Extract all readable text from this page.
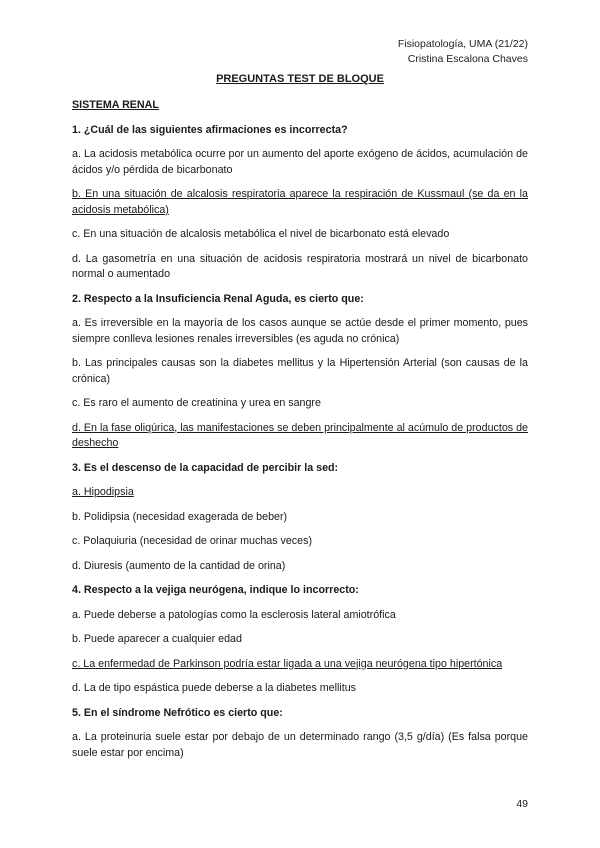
Fisiopatología, UMA (21/22)
Cristina Escalona Chaves
PREGUNTAS TEST DE BLOQUE
SISTEMA RENAL
1. ¿Cuál de las siguientes afirmaciones es incorrecta?
a. La acidosis metabólica ocurre por un aumento del aporte exógeno de ácidos, acumulación de ácidos y/o pérdida de bicarbonato
b. En una situación de alcalosis respiratoria aparece la respiración de Kussmaul (se da en la acidosis metabólica)
c. En una situación de alcalosis metabólica el nivel de bicarbonato está elevado
d. La gasometría en una situación de acidosis respiratoria mostrará un nivel de bicarbonato normal o aumentado
2. Respecto a la Insuficiencia Renal Aguda, es cierto que:
a. Es irreversible en la mayoría de los casos aunque se actúe desde el primer momento, pues siempre conlleva lesiones renales irreversibles (es aguda no crónica)
b. Las principales causas son la diabetes mellitus y la Hipertensión Arterial (son causas de la crónica)
c. Es raro el aumento de creatinina y urea en sangre
d. En la fase oliqúrica, las manifestaciones se deben principalmente al acúmulo de productos de deshecho
3. Es el descenso de la capacidad de percibir la sed:
a. Hipodipsia
b. Polidipsia (necesidad exagerada de beber)
c. Polaquiuria (necesidad de orinar muchas veces)
d. Diuresis (aumento de la cantidad de orina)
4. Respecto a la vejiga neurógena, indique lo incorrecto:
a. Puede deberse a patologías como la esclerosis lateral amiotrófica
b. Puede aparecer a cualquier edad
c. La enfermedad de Parkinson podría estar ligada a una vejiga neurógena tipo hipertónica
d. La de tipo espástica puede deberse a la diabetes mellitus
5. En el síndrome Nefrótico es cierto que:
a. La proteinuria suele estar por debajo de un determinado rango (3,5 g/día) (Es falsa porque suele estar por encima)
49
